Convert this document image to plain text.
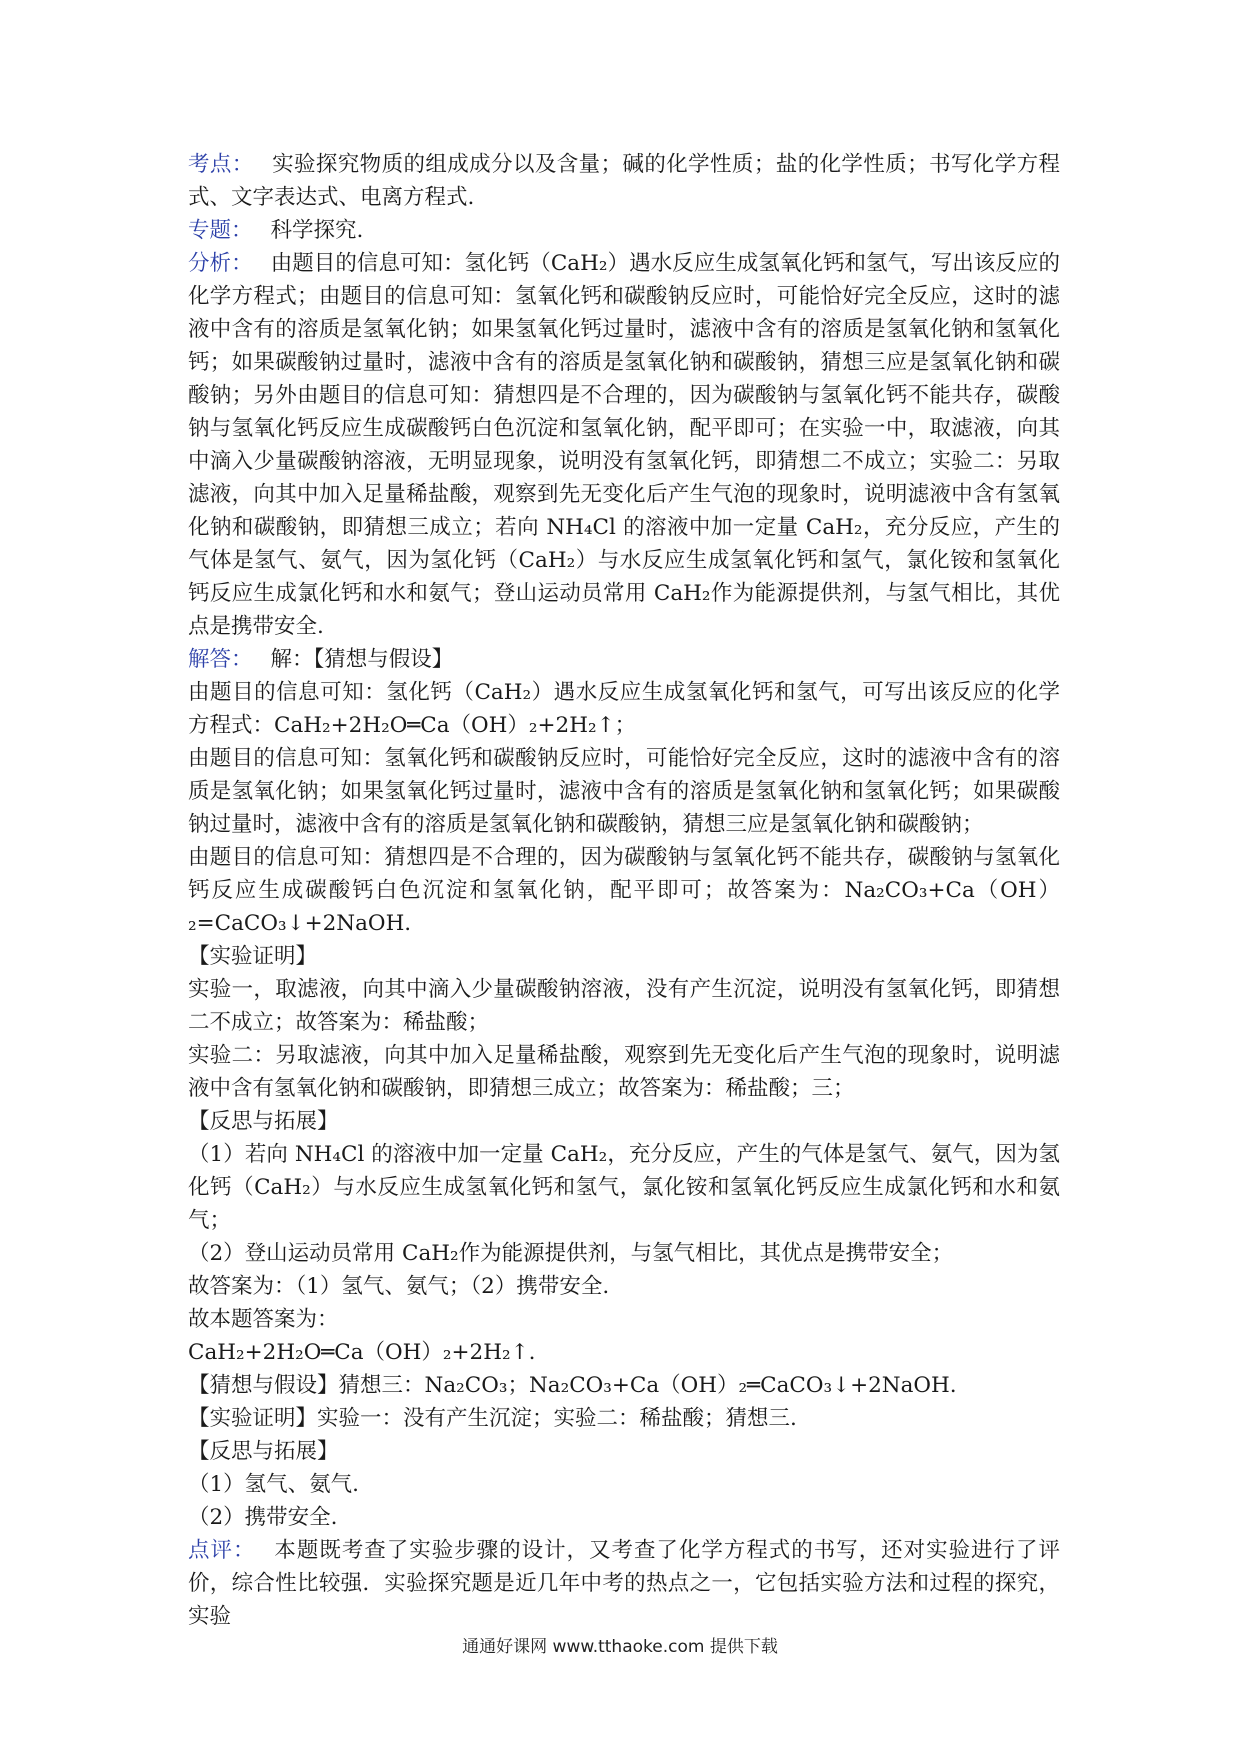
考点： 实验探究物质的组成成分以及含量；碱的化学性质；盐的化学性质；书写化学方程式、文字表达式、电离方程式.

专题： 科学探究.

分析： 由题目的信息可知：氢化钙（CaH₂）遇水反应生成氢氧化钙和氢气，写出该反应的化学方程式；由题目的信息可知：氢氧化钙和碳酸钠反应时，可能恰好完全反应，这时的滤液中含有的溶质是氢氧化钠；如果氢氧化钙过量时，滤液中含有的溶质是氢氧化钠和氢氧化钙；如果碳酸钠过量时，滤液中含有的溶质是氢氧化钠和碳酸钠，猜想三应是氢氧化钠和碳酸钠；另外由题目的信息可知：猜想四是不合理的，因为碳酸钠与氢氧化钙不能共存，碳酸钠与氢氧化钙反应生成碳酸钙白色沉淀和氢氧化钠，配平即可；在实验一中，取滤液，向其中滴入少量碳酸钠溶液，无明显现象，说明没有氢氧化钙，即猜想二不成立；实验二：另取滤液，向其中加入足量稀盐酸，观察到先无变化后产生气泡的现象时，说明滤液中含有氢氧化钠和碳酸钠，即猜想三成立；若向 NH₄Cl 的溶液中加一定量 CaH₂，充分反应，产生的气体是氢气、氨气，因为氢化钙（CaH₂）与水反应生成氢氧化钙和氢气，氯化铵和氢氧化钙反应生成氯化钙和水和氨气；登山运动员常用 CaH₂作为能源提供剂，与氢气相比，其优点是携带安全.

解答： 解：【猜想与假设】

由题目的信息可知：氢化钙（CaH₂）遇水反应生成氢氧化钙和氢气，可写出该反应的化学方程式：CaH₂+2H₂O═Ca（OH）₂+2H₂↑；

由题目的信息可知：氢氧化钙和碳酸钠反应时，可能恰好完全反应，这时的滤液中含有的溶质是氢氧化钠；如果氢氧化钙过量时，滤液中含有的溶质是氢氧化钠和氢氧化钙；如果碳酸钠过量时，滤液中含有的溶质是氢氧化钠和碳酸钠，猜想三应是氢氧化钠和碳酸钠；

由题目的信息可知：猜想四是不合理的，因为碳酸钠与氢氧化钙不能共存，碳酸钠与氢氧化钙反应生成碳酸钙白色沉淀和氢氧化钠，配平即可；故答案为：Na₂CO₃+Ca（OH）₂=CaCO₃↓+2NaOH.

【实验证明】

实验一，取滤液，向其中滴入少量碳酸钠溶液，没有产生沉淀，说明没有氢氧化钙，即猜想二不成立；故答案为：稀盐酸；

实验二：另取滤液，向其中加入足量稀盐酸，观察到先无变化后产生气泡的现象时，说明滤液中含有氢氧化钠和碳酸钠，即猜想三成立；故答案为：稀盐酸；三；

【反思与拓展】

（1）若向 NH₄Cl 的溶液中加一定量 CaH₂，充分反应，产生的气体是氢气、氨气，因为氢化钙（CaH₂）与水反应生成氢氧化钙和氢气，氯化铵和氢氧化钙反应生成氯化钙和水和氨气；

（2）登山运动员常用 CaH₂作为能源提供剂，与氢气相比，其优点是携带安全；

故答案为：（1）氢气、氨气；（2）携带安全.

故本题答案为：

CaH₂+2H₂O═Ca（OH）₂+2H₂↑.

【猜想与假设】猜想三：Na₂CO₃；Na₂CO₃+Ca（OH）₂═CaCO₃↓+2NaOH.

【实验证明】实验一：没有产生沉淀；实验二：稀盐酸；猜想三.

【反思与拓展】

（1）氢气、氨气.

（2）携带安全.

点评： 本题既考查了实验步骤的设计，又考查了化学方程式的书写，还对实验进行了评价，综合性比较强．实验探究题是近几年中考的热点之一，它包括实验方法和过程的探究，实验

通通好课网 www.tthaoke.com 提供下载
